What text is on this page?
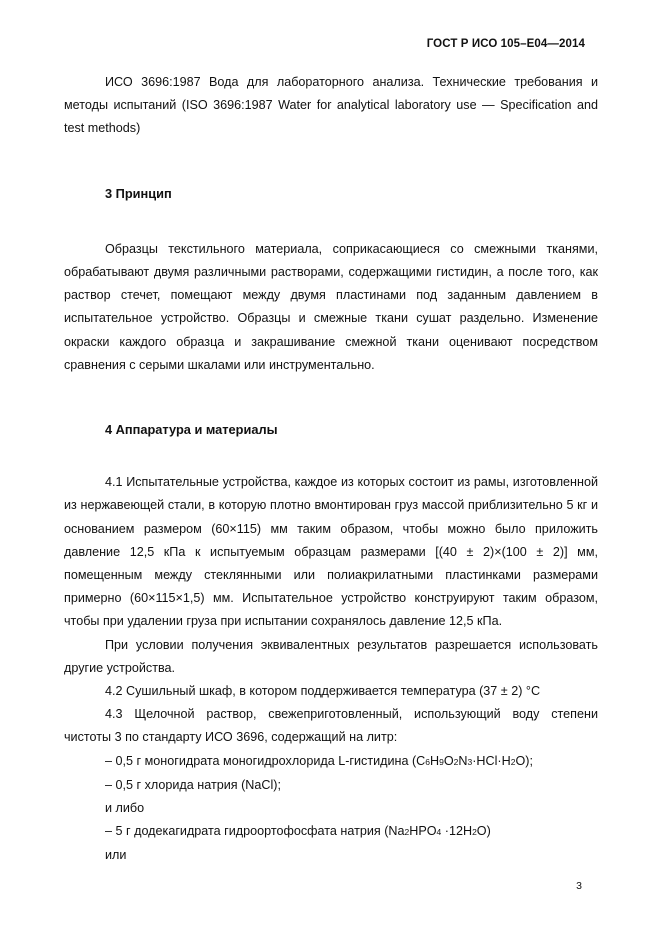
ГОСТ Р ИСО 105–E04—2014

ИСО 3696:1987 Вода для лабораторного анализа. Технические требования и методы испытаний (ISO 3696:1987 Water for analytical laboratory use — Specification and test methods)

3 Принцип

Образцы текстильного материала, соприкасающиеся со смежными тканями, обрабатывают двумя различными растворами, содержащими гистидин, а после того, как раствор стечет, помещают между двумя пластинами под заданным давлением в испытательное устройство. Образцы и смежные ткани сушат раздельно. Изменение окраски каждого образца и закрашивание смежной ткани оценивают посредством сравнения с серыми шкалами или инструментально.

4 Аппаратура и материалы

4.1 Испытательные устройства, каждое из которых состоит из рамы, изготовленной из нержавеющей стали, в которую плотно вмонтирован груз массой приблизительно 5 кг и основанием размером (60×115) мм таким образом, чтобы можно было приложить давление 12,5 кПа к испытуемым образцам размерами [(40 ± 2)×(100 ± 2)] мм, помещенным между стеклянными или полиакрилатными пластинками размерами примерно (60×115×1,5) мм. Испытательное устройство конструируют таким образом, чтобы при удалении груза при испытании сохранялось давление 12,5 кПа.

При условии получения эквивалентных результатов разрешается использовать другие устройства.

4.2 Сушильный шкаф, в котором поддерживается температура (37 ± 2) °C

4.3 Щелочной раствор, свежеприготовленный, использующий воду степени чистоты 3 по стандарту ИСО 3696, содержащий на литр:

– 0,5 г моногидрата моногидрохлорида L-гистидина (C6H9O2N3·HCl·H2O);

– 0,5 г хлорида натрия (NaCl);

и либо

– 5 г додекагидрата гидроортофосфата натрия (Na2HPO4 ·12H2O)

или

3
